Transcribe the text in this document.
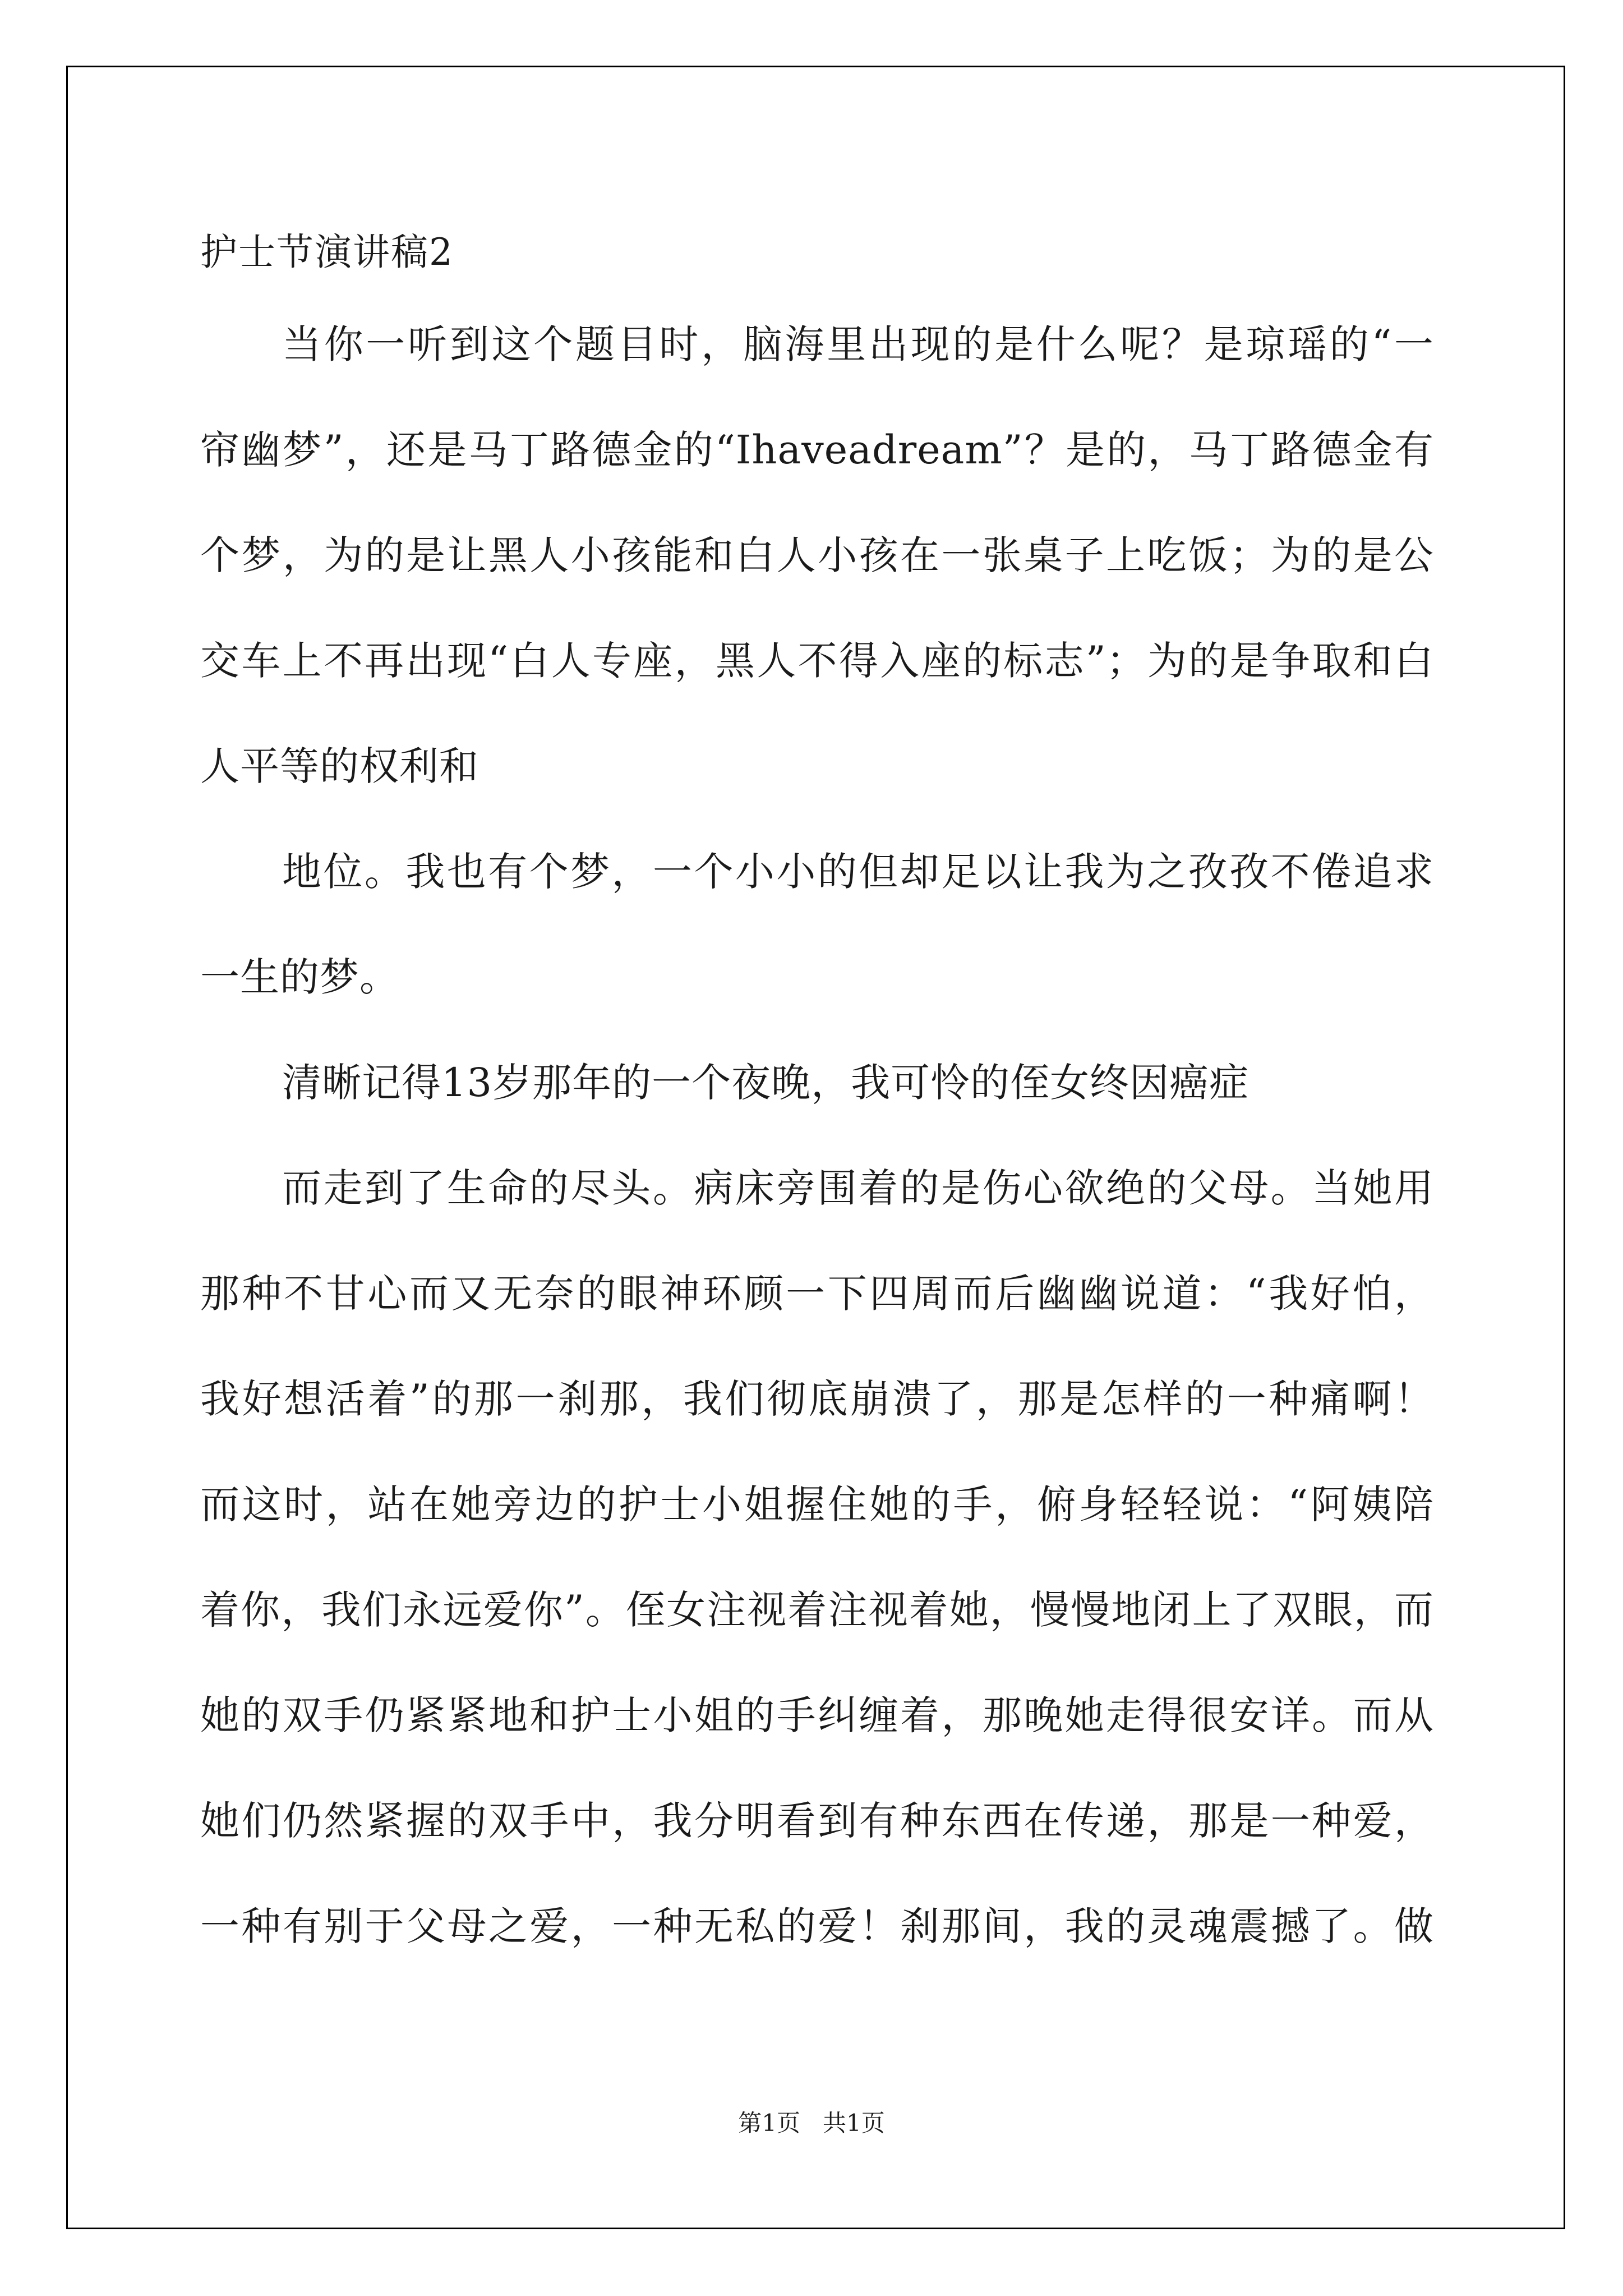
护士节演讲稿2
当你一听到这个题目时，脑海里出现的是什么呢？是琼瑶的“一
帘幽梦”，还是马丁路德金的“Ihaveadream”？是的，马丁路德金有
个梦，为的是让黑人小孩能和白人小孩在一张桌子上吃饭；为的是公
交车上不再出现“白人专座，黑人不得入座的标志”；为的是争取和白
人平等的权利和
地位。我也有个梦，一个小小的但却足以让我为之孜孜不倦追求
一生的梦。
清晰记得13岁那年的一个夜晚，我可怜的侄女终因癌症
而走到了生命的尽头。病床旁围着的是伤心欲绝的父母。当她用
那种不甘心而又无奈的眼神环顾一下四周而后幽幽说道：“我好怕，
我好想活着”的那一刹那，我们彻底崩溃了，那是怎样的一种痛啊！
而这时，站在她旁边的护士小姐握住她的手，俯身轻轻说：“阿姨陪
着你，我们永远爱你”。侄女注视着注视着她，慢慢地闭上了双眼，而
她的双手仍紧紧地和护士小姐的手纠缠着，那晚她走得很安详。而从
她们仍然紧握的双手中，我分明看到有种东西在传递，那是一种爱，
一种有别于父母之爱，一种无私的爱！刹那间，我的灵魂震撼了。做
第1页 共1页
